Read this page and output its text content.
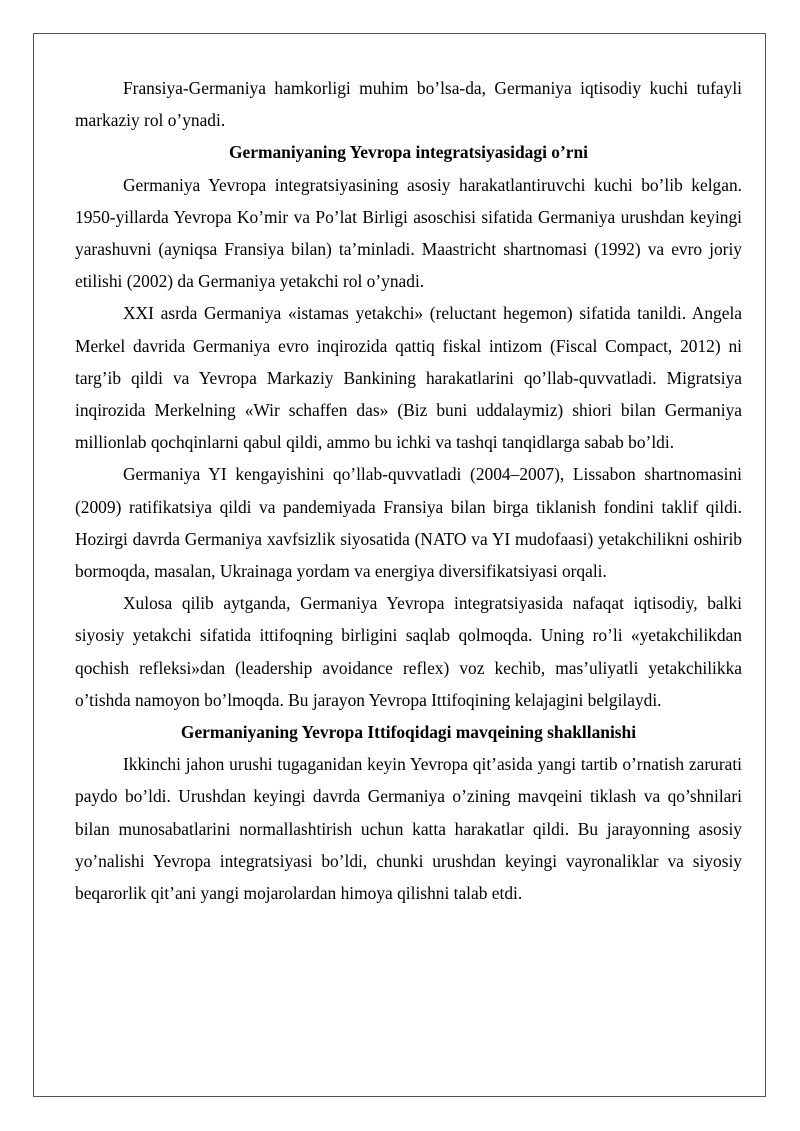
Fransiya-Germaniya hamkorligi muhim bo’lsa-da, Germaniya iqtisodiy kuchi tufayli markaziy rol o’ynadi.

Germaniyaning Yevropa integratsiyasidagi o’rni

Germaniya Yevropa integratsiyasining asosiy harakatlantiruvchi kuchi bo’lib kelgan. 1950-yillarda Yevropa Ko’mir va Po’lat Birligi asoschisi sifatida Germaniya urushdan keyingi yarashuvni (ayniqsa Fransiya bilan) ta’minladi. Maastricht shartnomasi (1992) va evro joriy etilishi (2002) da Germaniya yetakchi rol o’ynadi.

XXI asrda Germaniya «istamas yetakchi» (reluctant hegemon) sifatida tanildi. Angela Merkel davrida Germaniya evro inqirozida qattiq fiskal intizom (Fiscal Compact, 2012) ni targ’ib qildi va Yevropa Markaziy Bankining harakatlarini qo’llab-quvvatladi. Migratsiya inqirozida Merkelning «Wir schaffen das» (Biz buni uddalaymiz) shiori bilan Germaniya millionlab qochqinlarni qabul qildi, ammo bu ichki va tashqi tanqidlarga sabab bo’ldi.

Germaniya YI kengayishini qo’llab-quvvatladi (2004–2007), Lissabon shartnomasini (2009) ratifikatsiya qildi va pandemiyada Fransiya bilan birga tiklanish fondini taklif qildi. Hozirgi davrda Germaniya xavfsizlik siyosatida (NATO va YI mudofaasi) yetakchilikni oshirib bormoqda, masalan, Ukrainaga yordam va energiya diversifikatsiyasi orqali.

Xulosa qilib aytganda, Germaniya Yevropa integratsiyasida nafaqat iqtisodiy, balki siyosiy yetakchi sifatida ittifoqning birligini saqlab qolmoqda. Uning ro’li «yetakchilikdan qochish refleksi»dan (leadership avoidance reflex) voz kechib, mas’uliyatli yetakchilikka o’tishda namoyon bo’lmoqda. Bu jarayon Yevropa Ittifoqining kelajagini belgilaydi.

Germaniyaning Yevropa Ittifoqidagi mavqeining shakllanishi

Ikkinchi jahon urushi tugaganidan keyin Yevropa qit’asida yangi tartib o’rnatish zarurati paydo bo’ldi. Urushdan keyingi davrda Germaniya o’zining mavqeini tiklash va qo’shnilari bilan munosabatlarini normallashtirish uchun katta harakatlar qildi. Bu jarayonning asosiy yo’nalishi Yevropa integratsiyasi bo’ldi, chunki urushdan keyingi vayronaliklar va siyosiy beqarorlik qit’ani yangi mojarolardan himoya qilishni talab etdi.
